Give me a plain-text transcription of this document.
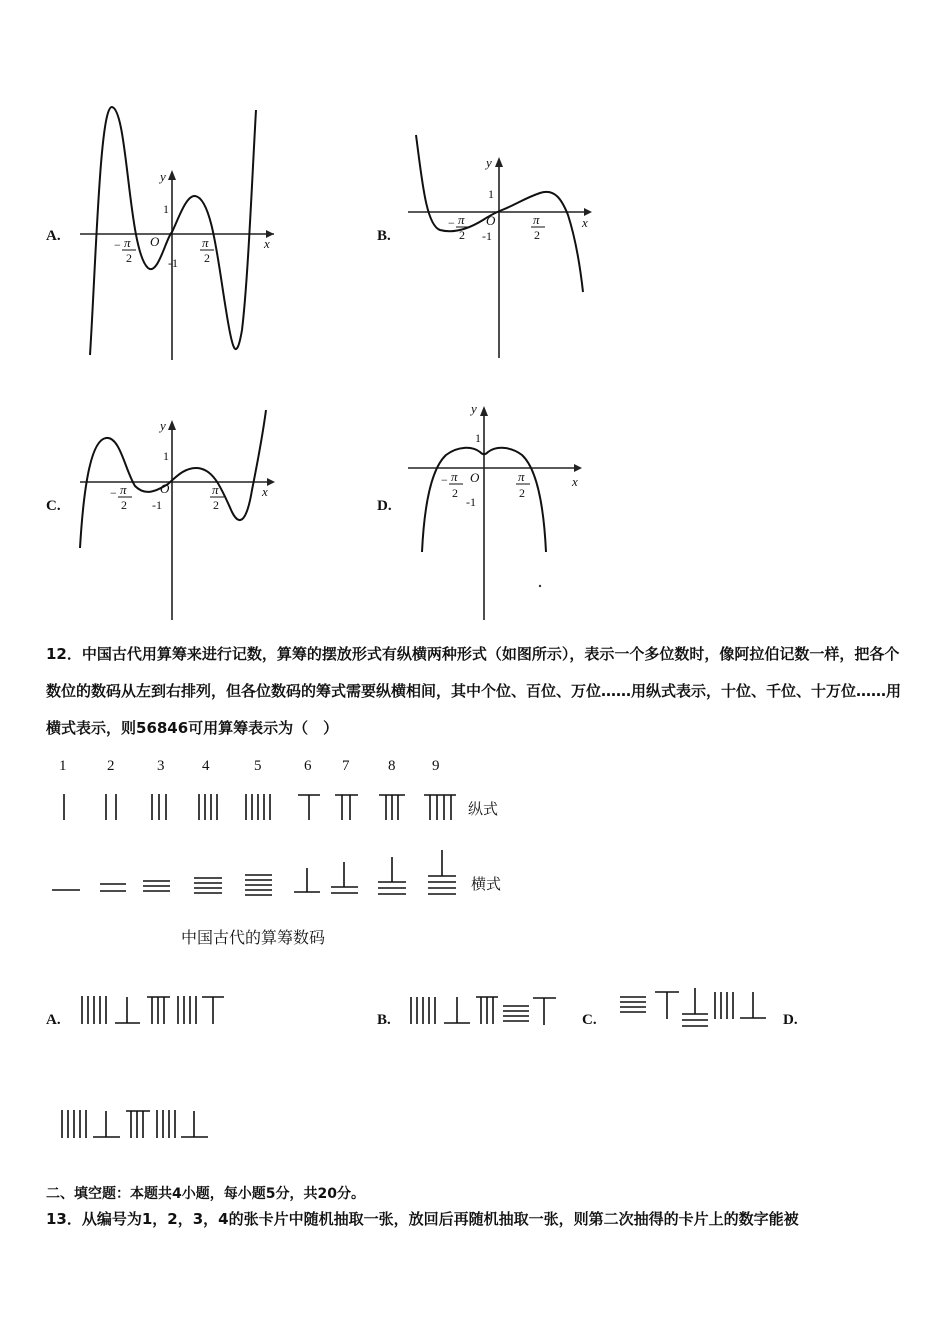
A.	B.
C.	D.
y
x
O
1
-1
− π
2
π
2
y
x
O
1
-1
− π
2
π
2
y
x
O
1
-1
− π
2
π
2
y
x
O
1
-1
− π
2
π
2
12．中国古代用算筹来进行记数，算筹的摆放形式有纵横两种形式（如图所示），表示一个多位数时，像阿拉伯记数一样，把各个数位的数码从左到右排列，但各位数码的筹式需要纵横相间，其中个位、百位、万位……用纵式表示，十位、千位、十万位……用横式表示，则56846可用算筹表示为（　）
1	2	3	4	5	6 7	8 9
纵式
横式
中国古代的算筹数码
A.	B.	C.	D.
二、填空题：本题共4小题，每小题5分，共20分。
13．从编号为1，2，3，4的张卡片中随机抽取一张，放回后再随机抽取一张，则第二次抽得的卡片上的数字能被
